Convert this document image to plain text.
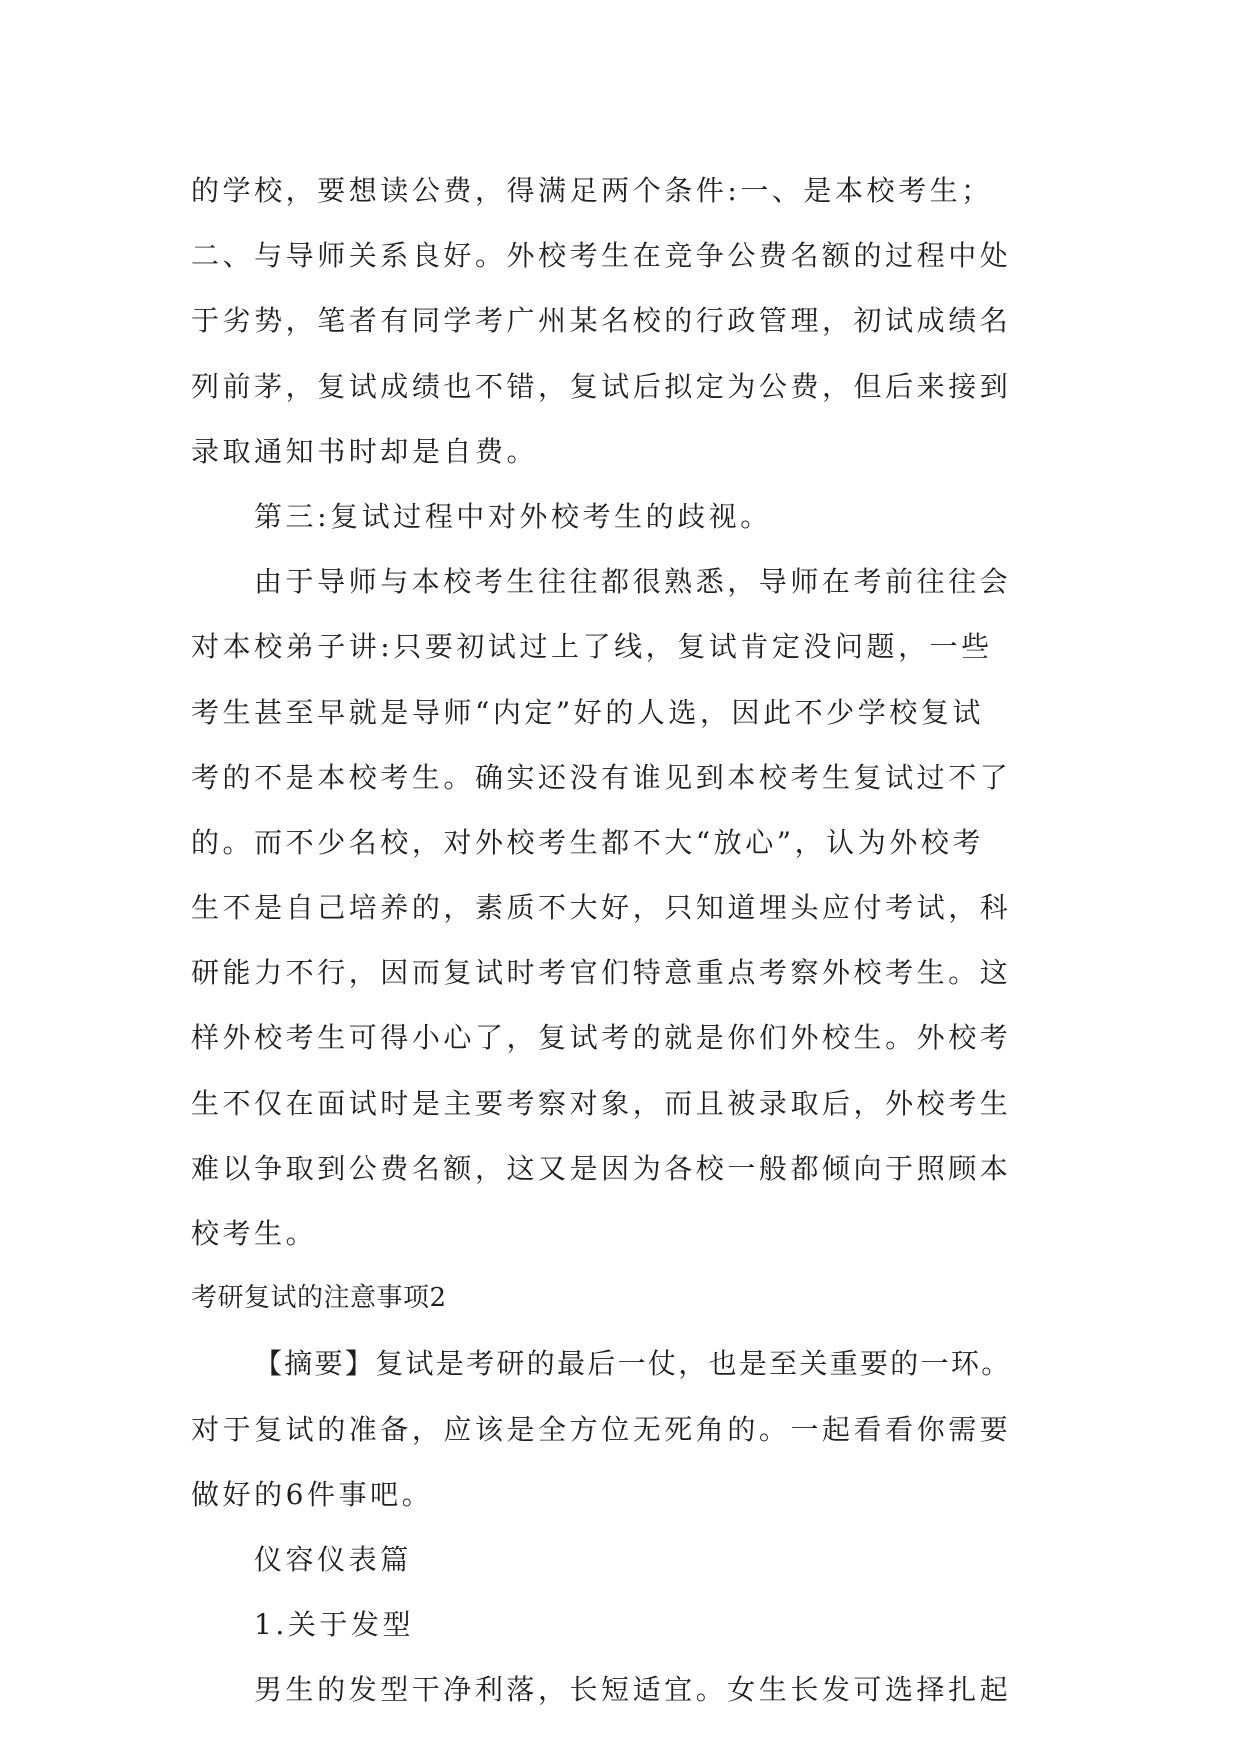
的学校，要想读公费，得满足两个条件:一、是本校考生；
二、与导师关系良好。外校考生在竞争公费名额的过程中处
于劣势，笔者有同学考广州某名校的行政管理，初试成绩名
列前茅，复试成绩也不错，复试后拟定为公费，但后来接到
录取通知书时却是自费。
第三:复试过程中对外校考生的歧视。
由于导师与本校考生往往都很熟悉，导师在考前往往会
对本校弟子讲:只要初试过上了线，复试肯定没问题，一些
考生甚至早就是导师“内定”好的人选，因此不少学校复试
考的不是本校考生。确实还没有谁见到本校考生复试过不了
的。而不少名校，对外校考生都不大“放心”，认为外校考
生不是自己培养的，素质不大好，只知道埋头应付考试，科
研能力不行，因而复试时考官们特意重点考察外校考生。这
样外校考生可得小心了，复试考的就是你们外校生。外校考
生不仅在面试时是主要考察对象，而且被录取后，外校考生
难以争取到公费名额，这又是因为各校一般都倾向于照顾本
校考生。
考研复试的注意事项2
【摘要】复试是考研的最后一仗，也是至关重要的一环。
对于复试的准备，应该是全方位无死角的。一起看看你需要
做好的6件事吧。
仪容仪表篇
1.关于发型
男生的发型干净利落，长短适宜。女生长发可选择扎起
